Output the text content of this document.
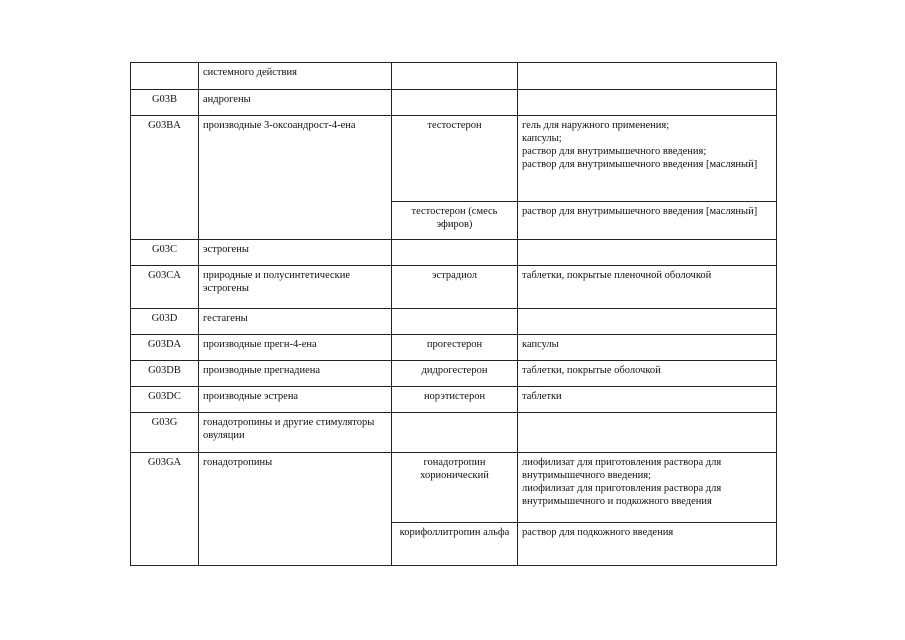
	системного действия		
G03B	андрогены		
G03BA	производные 3-оксоандрост-4-ена	тестостерон	гель для наружного применения;
капсулы;
раствор для внутримышечного введения;
раствор для внутримышечного введения [масляный]

		тестостерон (смесь эфиров)	раствор для внутримышечного введения [масляный]

G03C	эстрогены		
G03CA	природные и полусинтетические эстрогены	эстрадиол	таблетки, покрытые пленочной оболочкой

G03D	гестагены		
G03DA	производные прегн-4-ена	прогестерон	капсулы

G03DB	производные прегнадиена	дидрогестерон	таблетки, покрытые оболочкой

G03DC	производные эстрена	норэтистерон	таблетки

G03G	гонадотропины и другие стимуляторы овуляции		
G03GA	гонадотропины	гонадотропин хорионический	лиофилизат для приготовления раствора для внутримышечного введения;
лиофилизат для приготовления раствора для внутримышечного и подкожного введения

		корифоллитропин альфа	раствор для подкожного введения
